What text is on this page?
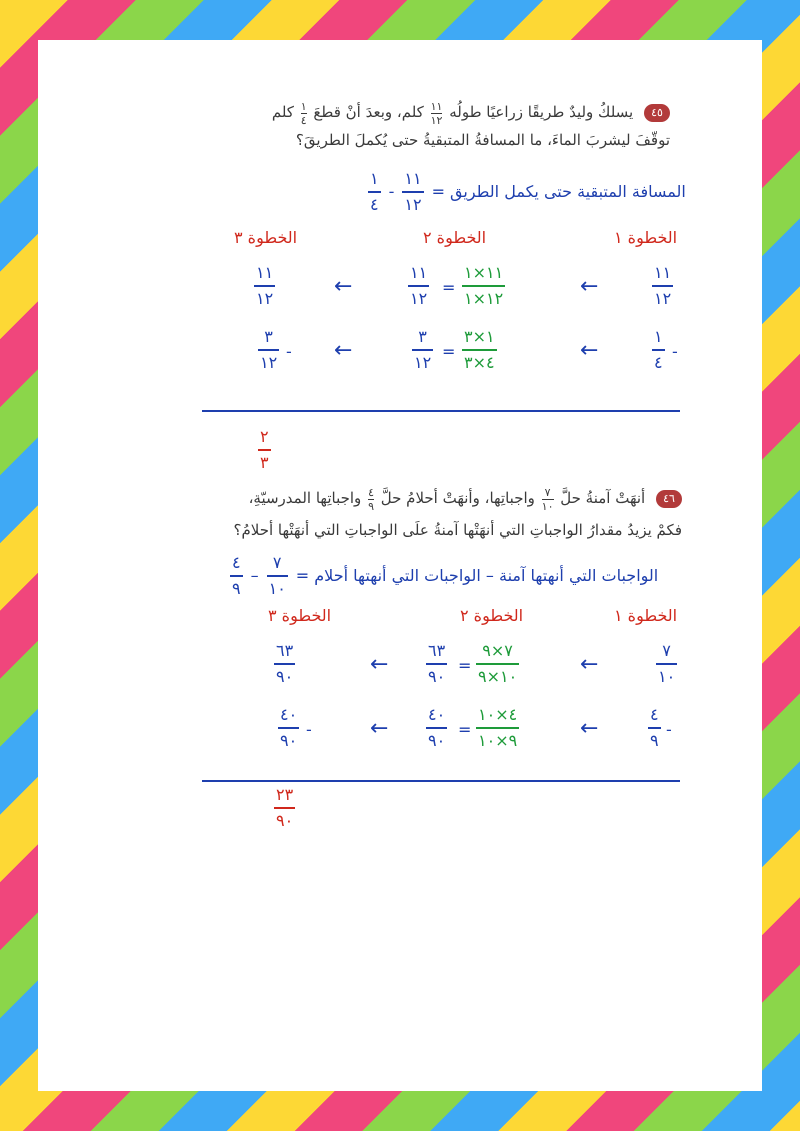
٤٥ يسلكُ وليدٌ طريقًا زراعيًا طولُه
$\frac{١١}{١٢}$
كلم، وبعدَ أنْ قطعَ
$\frac{١}{٤}$
كلم
توقّفَ ليشربَ الماءَ، ما المسافةُ المتبقيةُ حتى يُكملَ الطريقَ؟
$\frac{١}{٤} - \frac{١١}{١٢}$ المسافة المتبقية حتى يكمل الطريق =
الخطوة ١
الخطوة ٢
الخطوة ٣
١١
١٢
←
١١×١
١٢×١
=
١١
١٢
←
١١
١٢
-
١
٤
←
١×٣
٤×٣
=
٣
١٢
←
-
٣
١٢
٢
٣
٤٦ أنهَتْ آمنةُ حلَّ
$\frac{٧}{١٠}$
واجباتِها، وأنهَتْ أحلامُ حلَّ
$\frac{٤}{٩}$
واجباتِها المدرسيّةِ،
فكمْ يزيدُ مقدارُ الواجباتِ التي أنهَتْها آمنةُ علَى الواجباتِ التي أنهَتْها أحلامُ؟
$\frac{٤}{٩} - \frac{٧}{١٠}$ الواجبات التي أنهتها آمنة – الواجبات التي أنهتها أحلام =
الخطوة ١
الخطوة ٢
الخطوة ٣
٧
١٠
←
٧×٩
١٠×٩
=
٦٣
٩٠
←
٦٣
٩٠
-
٤
٩
←
٤×١٠
٩×١٠
=
٤٠
٩٠
←
-
٤٠
٩٠
٢٣
٩٠
